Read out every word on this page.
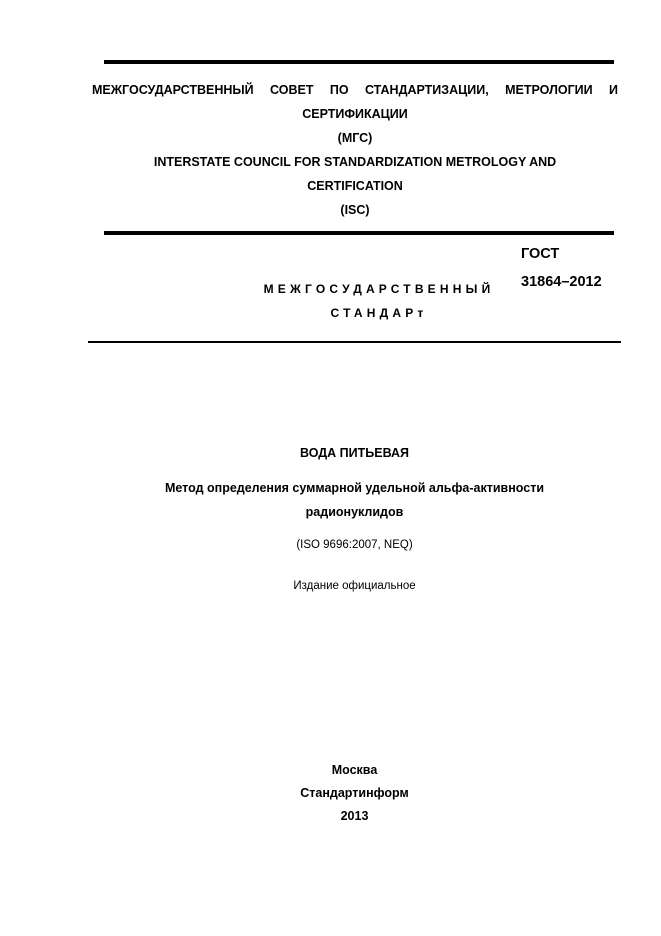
МЕЖГОСУДАРСТВЕННЫЙ СОВЕТ ПО СТАНДАРТИЗАЦИИ, МЕТРОЛОГИИ И
СЕРТИФИКАЦИИ
(МГС)
INTERSTATE COUNCIL FOR STANDARDIZATION METROLOGY AND
CERTIFICATION
(ISC)
ГОСТ
31864–2012
МЕЖГОСУДАРСТВЕННЫЙ
СТАНДАРт
ВОДА ПИТЬЕВАЯ
Метод определения суммарной удельной альфа-активности
радионуклидов
(ISO 9696:2007, NEQ)
Издание официальное
Москва
Стандартинформ
2013
